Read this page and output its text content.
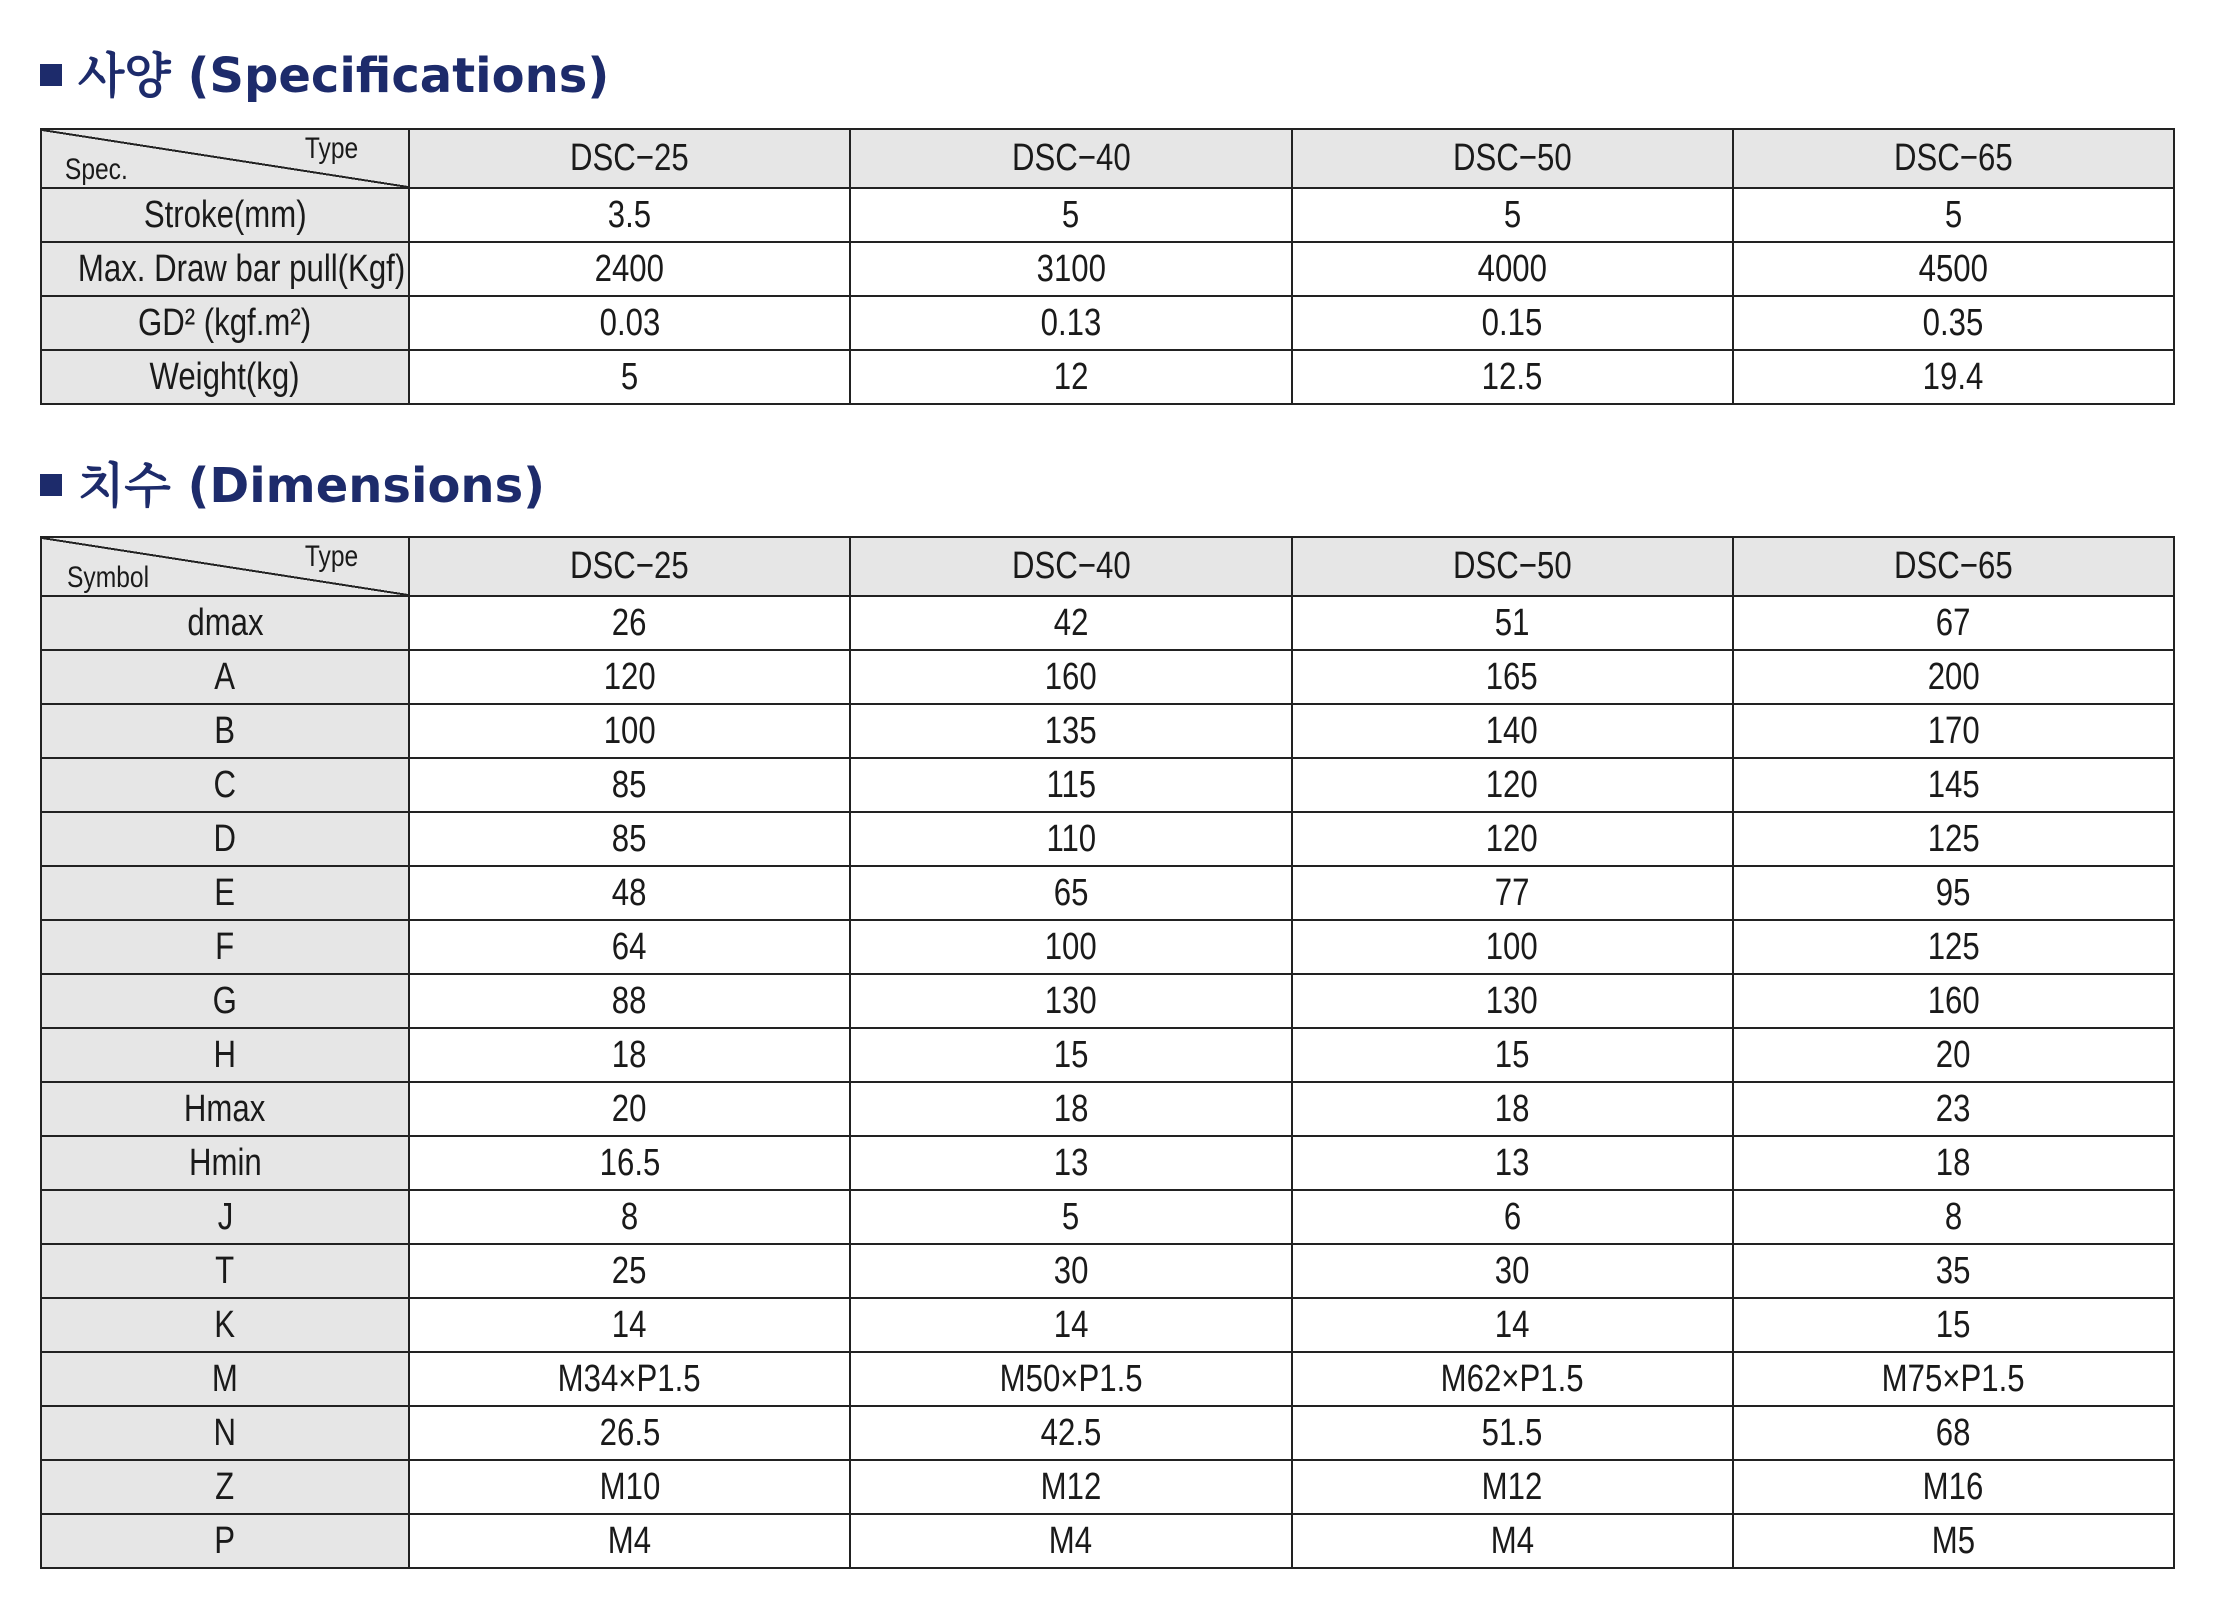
사양 (Specifications)
Type
Spec.	DSC−25	DSC−40	DSC−50	DSC−65
Stroke(mm)	3.5	5	5	5
Max. Draw bar pull(Kgf)	2400	3100	4000	4500
GD² (kgf.m²)	0.03	0.13	0.15	0.35
Weight(kg)	5	12	12.5	19.4
치수 (Dimensions)
Type
Symbol	DSC−25	DSC−40	DSC−50	DSC−65
dmax	26	42	51	67
A	120	160	165	200
B	100	135	140	170
C	85	115	120	145
D	85	110	120	125
E	48	65	77	95
F	64	100	100	125
G	88	130	130	160
H	18	15	15	20
Hmax	20	18	18	23
Hmin	16.5	13	13	18
J	8	5	6	8
T	25	30	30	35
K	14	14	14	15
M	M34×P1.5	M50×P1.5	M62×P1.5	M75×P1.5
N	26.5	42.5	51.5	68
Z	M10	M12	M12	M16
P	M4	M4	M4	M5
